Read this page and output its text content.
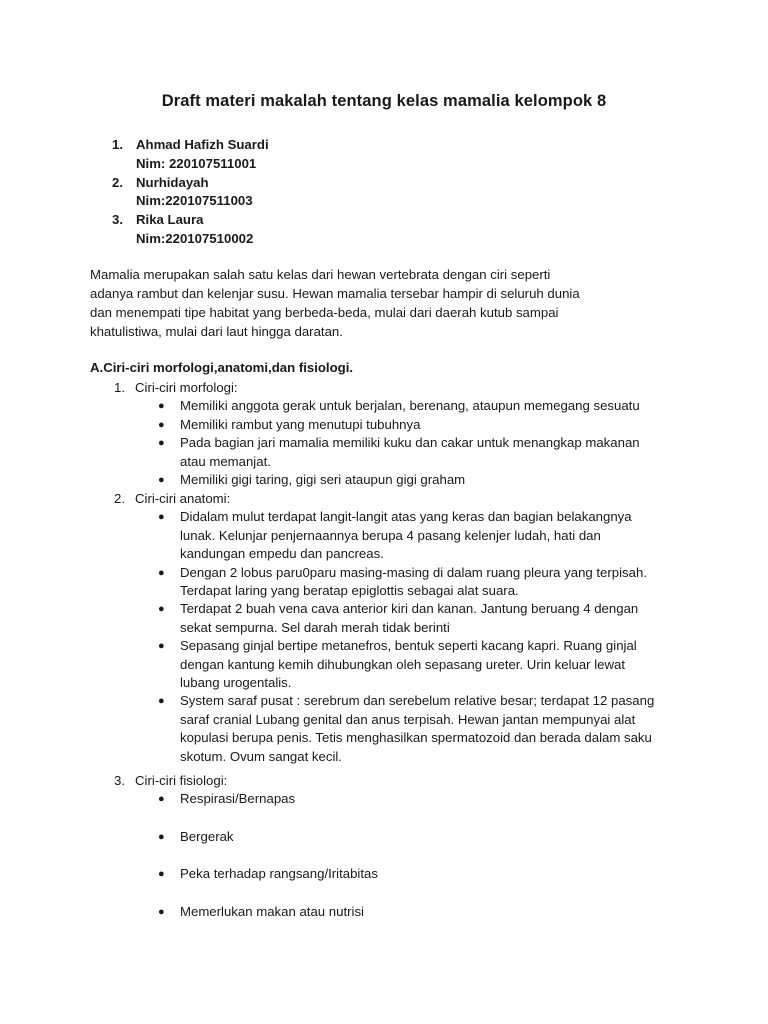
Draft materi makalah tentang kelas mamalia kelompok 8
1. Ahmad Hafizh Suardi
Nim: 220107511001
2. Nurhidayah
Nim:220107511003
3. Rika Laura
Nim:220107510002

Mamalia merupakan salah satu kelas dari hewan vertebrata dengan ciri seperti

adanya rambut dan kelenjar susu. Hewan mamalia tersebar hampir di seluruh dunia

dan menempati tipe habitat yang berbeda-beda, mulai dari daerah kutub sampai

khatulistiwa, mulai dari laut hingga daratan.

A.Ciri-ciri morfologi,anatomi,dan fisiologi.
1. Ciri-ciri morfologi:
● Memiliki anggota gerak untuk berjalan, berenang, ataupun memegang sesuatu
● Memiliki rambut yang menutupi tubuhnya
● Pada bagian jari mamalia memiliki kuku dan cakar untuk menangkap makanan
atau memanjat.
● Memiliki gigi taring, gigi seri ataupun gigi graham
2. Ciri-ciri anatomi:
● Didalam mulut terdapat langit-langit atas yang keras dan bagian belakangnya
lunak. Kelunjar penjernaannya berupa 4 pasang kelenjer ludah, hati dan
kandungan empedu dan pancreas.
● Dengan 2 lobus paru0paru masing-masing di dalam ruang pleura yang terpisah.
Terdapat laring yang beratap epiglottis sebagai alat suara.
● Terdapat 2 buah vena cava anterior kiri dan kanan. Jantung beruang 4 dengan
sekat sempurna. Sel darah merah tidak berinti
● Sepasang ginjal bertipe metanefros, bentuk seperti kacang kapri. Ruang ginjal
dengan kantung kemih dihubungkan oleh sepasang ureter. Urin keluar lewat
lubang urogentalis.
● System saraf pusat : serebrum dan serebelum relative besar; terdapat 12 pasang
saraf cranial Lubang genital dan anus terpisah. Hewan jantan mempunyai alat
kopulasi berupa penis. Tetis menghasilkan spermatozoid dan berada dalam saku
skotum. Ovum sangat kecil.
3. Ciri-ciri fisiologi:
● Respirasi/Bernapas
● Bergerak
● Peka terhadap rangsang/Iritabitas
● Memerlukan makan atau nutrisi
